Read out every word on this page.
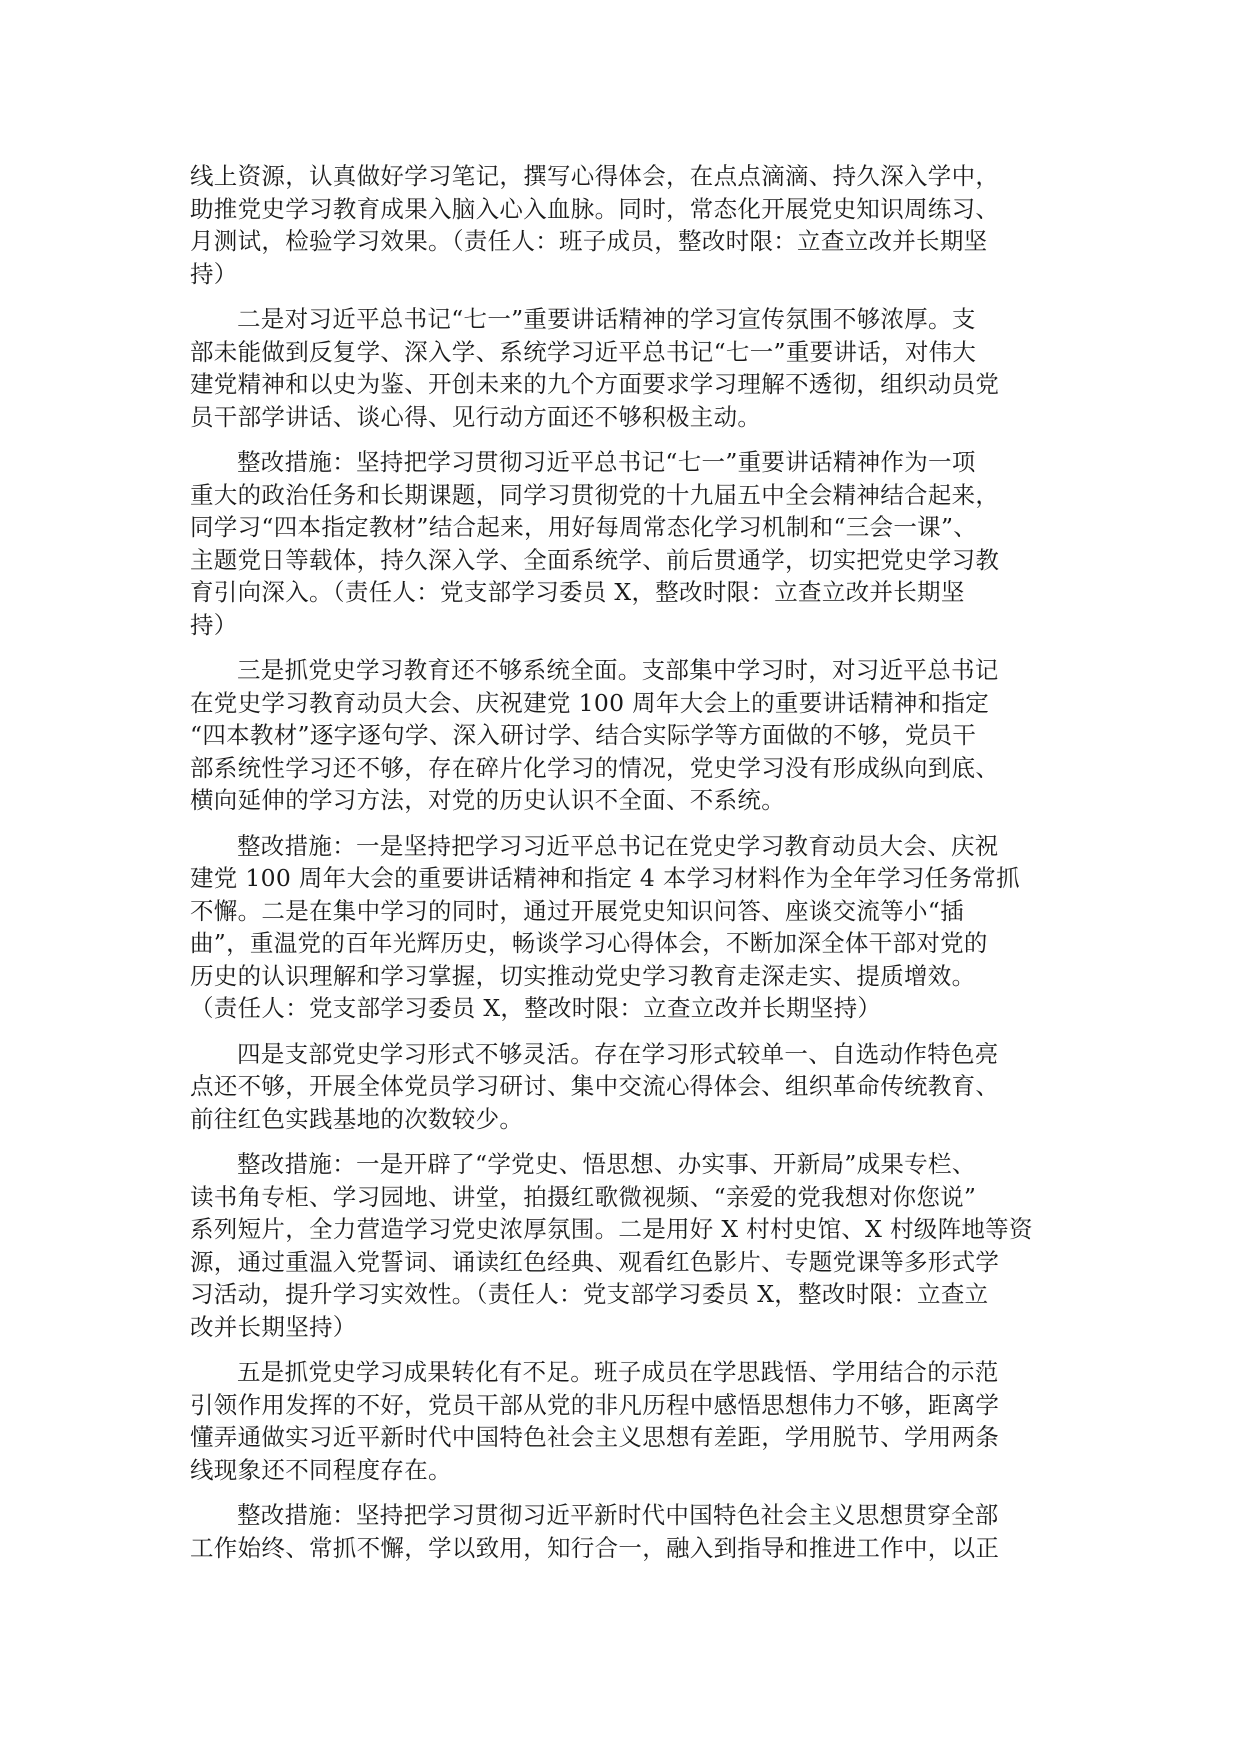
线上资源，认真做好学习笔记，撰写心得体会，在点点滴滴、持久深入学中，
助推党史学习教育成果入脑入心入血脉。同时，常态化开展党史知识周练习、
月测试，检验学习效果。（责任人：班子成员，整改时限：立查立改并长期坚
持）

二是对习近平总书记“七一”重要讲话精神的学习宣传氛围不够浓厚。支
部未能做到反复学、深入学、系统学习近平总书记“七一”重要讲话，对伟大
建党精神和以史为鉴、开创未来的九个方面要求学习理解不透彻，组织动员党
员干部学讲话、谈心得、见行动方面还不够积极主动。

整改措施：坚持把学习贯彻习近平总书记“七一”重要讲话精神作为一项
重大的政治任务和长期课题，同学习贯彻党的十九届五中全会精神结合起来，
同学习“四本指定教材”结合起来，用好每周常态化学习机制和“三会一课”、
主题党日等载体，持久深入学、全面系统学、前后贯通学，切实把党史学习教
育引向深入。（责任人：党支部学习委员 X，整改时限：立查立改并长期坚
持）

三是抓党史学习教育还不够系统全面。支部集中学习时，对习近平总书记
在党史学习教育动员大会、庆祝建党 100 周年大会上的重要讲话精神和指定
“四本教材”逐字逐句学、深入研讨学、结合实际学等方面做的不够，党员干
部系统性学习还不够，存在碎片化学习的情况，党史学习没有形成纵向到底、
横向延伸的学习方法，对党的历史认识不全面、不系统。

整改措施：一是坚持把学习习近平总书记在党史学习教育动员大会、庆祝
建党 100 周年大会的重要讲话精神和指定 4 本学习材料作为全年学习任务常抓
不懈。二是在集中学习的同时，通过开展党史知识问答、座谈交流等小“插
曲”，重温党的百年光辉历史，畅谈学习心得体会，不断加深全体干部对党的
历史的认识理解和学习掌握，切实推动党史学习教育走深走实、提质增效。
（责任人：党支部学习委员 X，整改时限：立查立改并长期坚持）

四是支部党史学习形式不够灵活。存在学习形式较单一、自选动作特色亮
点还不够，开展全体党员学习研讨、集中交流心得体会、组织革命传统教育、
前往红色实践基地的次数较少。

整改措施：一是开辟了“学党史、悟思想、办实事、开新局”成果专栏、
读书角专柜、学习园地、讲堂，拍摄红歌微视频、“亲爱的党我想对你您说”
系列短片，全力营造学习党史浓厚氛围。二是用好 X 村村史馆、X 村级阵地等资
源，通过重温入党誓词、诵读红色经典、观看红色影片、专题党课等多形式学
习活动，提升学习实效性。（责任人：党支部学习委员 X，整改时限：立查立
改并长期坚持）

五是抓党史学习成果转化有不足。班子成员在学思践悟、学用结合的示范
引领作用发挥的不好，党员干部从党的非凡历程中感悟思想伟力不够，距离学
懂弄通做实习近平新时代中国特色社会主义思想有差距，学用脱节、学用两条
线现象还不同程度存在。

整改措施：坚持把学习贯彻习近平新时代中国特色社会主义思想贯穿全部
工作始终、常抓不懈，学以致用，知行合一，融入到指导和推进工作中，以正
